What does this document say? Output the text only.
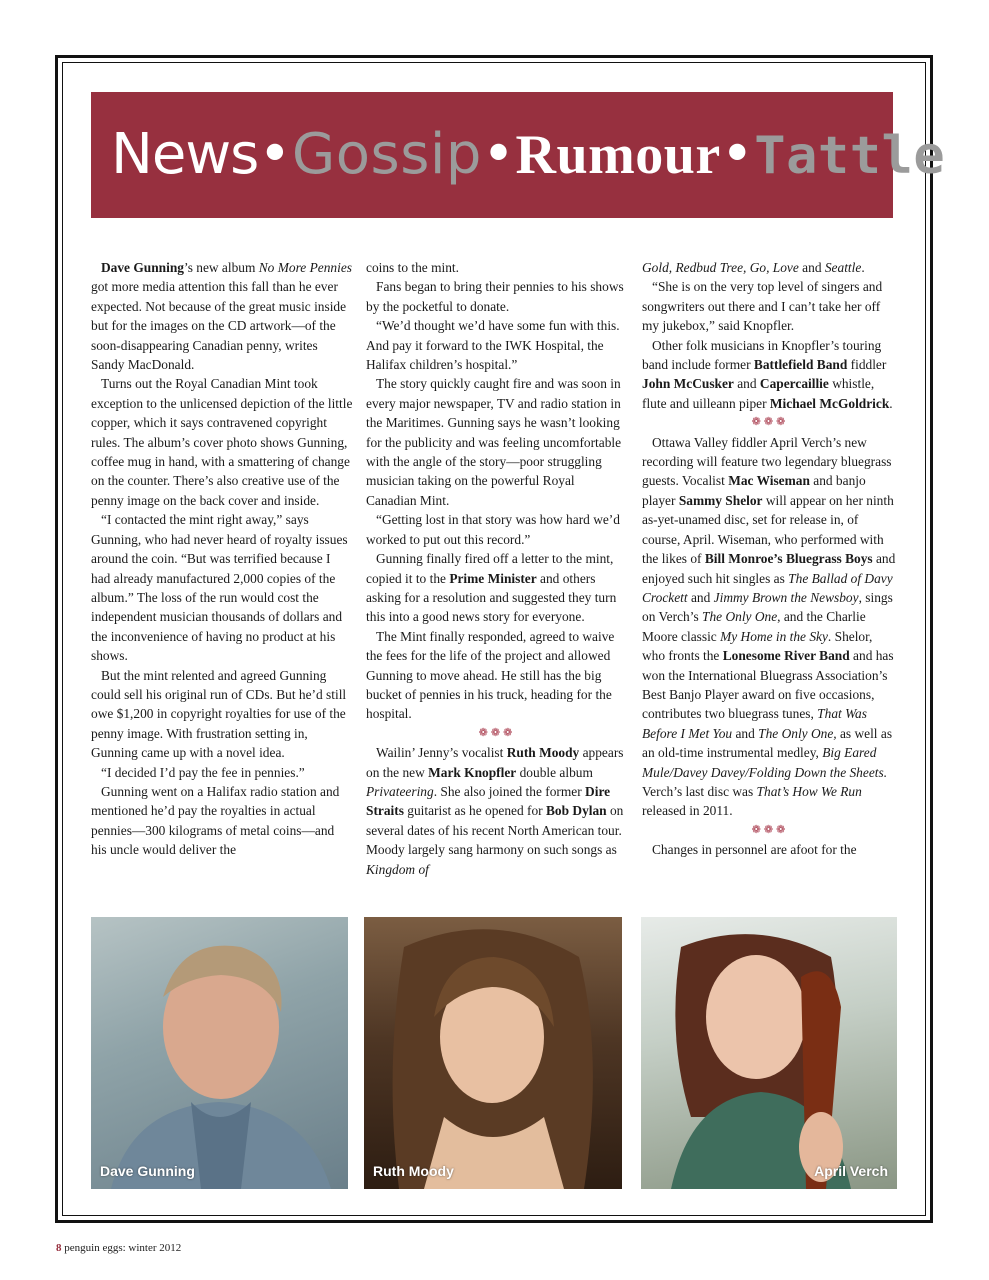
News•Gossip•Rumour•Tattle

Dave Gunning’s new album No More Pennies got more media attention this fall than he ever expected. Not because of the great music inside but for the images on the CD artwork—of the soon-disappearing Canadian penny, writes Sandy MacDonald.

Turns out the Royal Canadian Mint took exception to the unlicensed depiction of the little copper, which it says contravened copyright rules. The album’s cover photo shows Gunning, coffee mug in hand, with a smattering of change on the counter. There’s also creative use of the penny image on the back cover and inside.

“I contacted the mint right away,” says Gunning, who had never heard of royalty issues around the coin. “But was terrified because I had already manufactured 2,000 copies of the album.” The loss of the run would cost the independent musician thousands of dollars and the inconvenience of having no product at his shows.

But the mint relented and agreed Gunning could sell his original run of CDs. But he’d still owe $1,200 in copyright royalties for use of the penny image. With frustration setting in, Gunning came up with a novel idea.

“I decided I’d pay the fee in pennies.”

Gunning went on a Halifax radio station and mentioned he’d pay the royalties in actual pennies—300 kilograms of metal coins—and his uncle would deliver the

coins to the mint.

Fans began to bring their pennies to his shows by the pocketful to donate.

“We’d thought we’d have some fun with this. And pay it forward to the IWK Hospital, the Halifax children’s hospital.”

The story quickly caught fire and was soon in every major newspaper, TV and radio station in the Maritimes. Gunning says he wasn’t looking for the publicity and was feeling uncomfortable with the angle of the story—poor struggling musician taking on the powerful Royal Canadian Mint.

“Getting lost in that story was how hard we’d worked to put out this record.”

Gunning finally fired off a letter to the mint, copied it to the Prime Minister and others asking for a resolution and suggested they turn this into a good news story for everyone.

The Mint finally responded, agreed to waive the fees for the life of the project and allowed Gunning to move ahead. He still has the big bucket of pennies in his truck, heading for the hospital.

❁❁❁

Wailin’ Jenny’s vocalist Ruth Moody appears on the new Mark Knopfler double album Privateering. She also joined the former Dire Straits guitarist as he opened for Bob Dylan on several dates of his recent North American tour. Moody largely sang harmony on such songs as Kingdom of

Gold, Redbud Tree, Go, Love and Seattle.

“She is on the very top level of singers and songwriters out there and I can’t take her off my jukebox,” said Knopfler.

Other folk musicians in Knopfler’s touring band include former Battlefield Band fiddler John McCusker and Capercaillie whistle, flute and uilleann piper Michael McGoldrick.

❁❁❁

Ottawa Valley fiddler April Verch’s new recording will feature two legendary bluegrass guests. Vocalist Mac Wiseman and banjo player Sammy Shelor will appear on her ninth as-yet-unamed disc, set for release in, of course, April. Wiseman, who performed with the likes of Bill Monroe’s Bluegrass Boys and enjoyed such hit singles as The Ballad of Davy Crockett and Jimmy Brown the Newsboy, sings on Verch’s The Only One, and the Charlie Moore classic My Home in the Sky. Shelor, who fronts the Lonesome River Band and has won the International Bluegrass Association’s Best Banjo Player award on five occasions, contributes two bluegrass tunes, That Was Before I Met You and The Only One, as well as an old-time instrumental medley, Big Eared Mule/Davey Davey/Folding Down the Sheets. Verch’s last disc was That’s How We Run released in 2011.

❁❁❁

Changes in personnel are afoot for the

Dave Gunning	Ruth Moody	April Verch
8 penguin eggs: winter 2012
